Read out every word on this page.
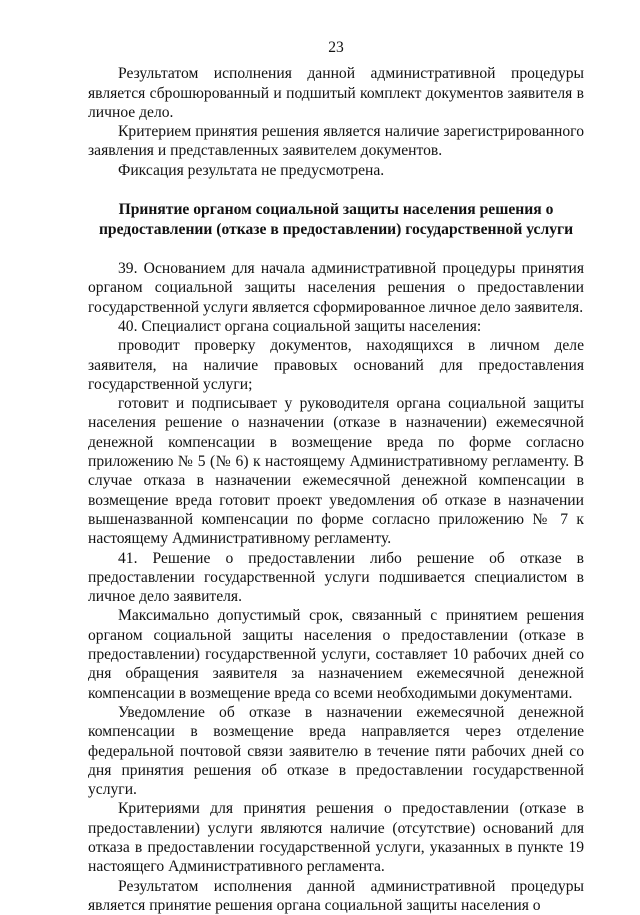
23

Результатом исполнения данной административной процедуры является сброшюрованный и подшитый комплект документов заявителя в личное дело.

Критерием принятия решения является наличие зарегистрированного заявления и представленных заявителем документов.

Фиксация результата не предусмотрена.

Принятие органом социальной защиты населения решения о предоставлении (отказе в предоставлении) государственной услуги

39. Основанием для начала административной процедуры принятия органом социальной защиты населения решения о предоставлении государственной услуги является сформированное личное дело заявителя.

40. Специалист органа социальной защиты населения:

проводит проверку документов, находящихся в личном деле заявителя, на наличие правовых оснований для предоставления государственной услуги;

готовит и подписывает у руководителя органа социальной защиты населения решение о назначении (отказе в назначении) ежемесячной денежной компенсации в возмещение вреда по форме согласно приложению № 5 (№ 6) к настоящему Административному регламенту. В случае отказа в назначении ежемесячной денежной компенсации в возмещение вреда готовит проект уведомления об отказе в назначении вышеназванной компенсации по форме согласно приложению № 7 к настоящему Административному регламенту.

41. Решение о предоставлении либо решение об отказе в предоставлении государственной услуги подшивается специалистом в личное дело заявителя.

Максимально допустимый срок, связанный с принятием решения органом социальной защиты населения о предоставлении (отказе в предоставлении) государственной услуги, составляет 10 рабочих дней со дня обращения заявителя за назначением ежемесячной денежной компенсации в возмещение вреда со всеми необходимыми документами.

Уведомление об отказе в назначении ежемесячной денежной компенсации в возмещение вреда направляется через отделение федеральной почтовой связи заявителю в течение пяти рабочих дней со дня принятия решения об отказе в предоставлении государственной услуги.

Критериями для принятия решения о предоставлении (отказе в предоставлении) услуги являются наличие (отсутствие) оснований для отказа в предоставлении государственной услуги, указанных в пункте 19 настоящего Административного регламента.

Результатом исполнения данной административной процедуры является принятие решения органа социальной защиты населения о
